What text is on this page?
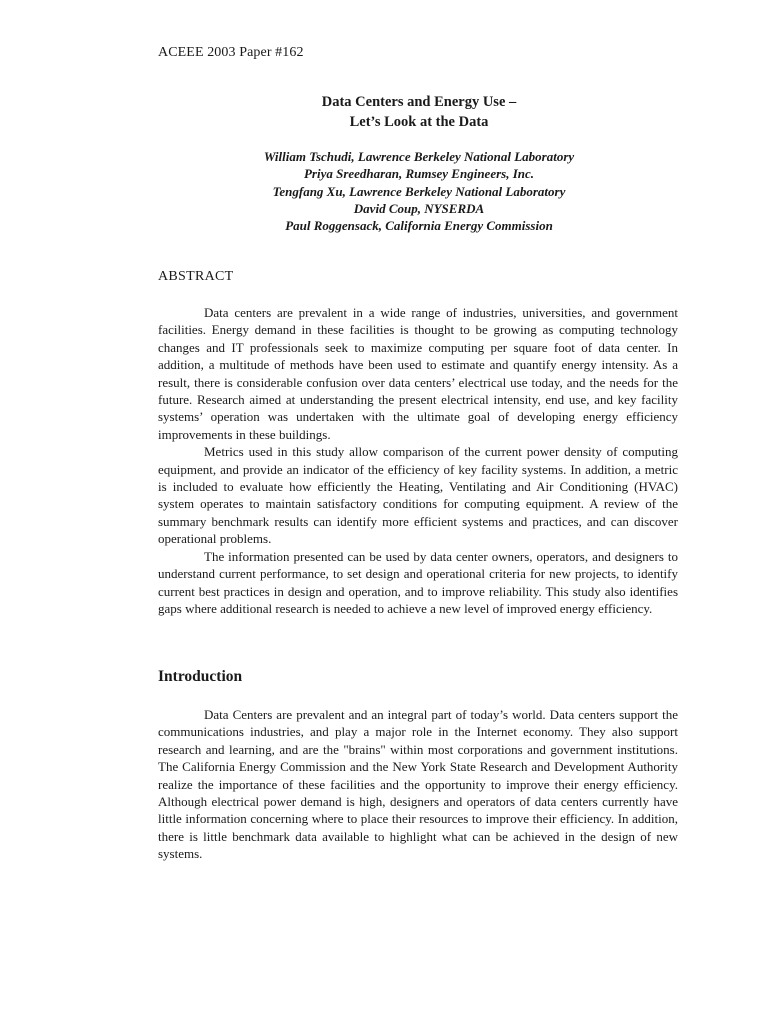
ACEEE 2003 Paper #162
Data Centers and Energy Use –
Let’s Look at the Data
William Tschudi, Lawrence Berkeley National Laboratory
Priya Sreedharan, Rumsey Engineers, Inc.
Tengfang Xu, Lawrence Berkeley National Laboratory
David Coup, NYSERDA
Paul Roggensack, California Energy Commission
ABSTRACT

Data centers are prevalent in a wide range of industries, universities, and government facilities. Energy demand in these facilities is thought to be growing as computing technology changes and IT professionals seek to maximize computing per square foot of data center. In addition, a multitude of methods have been used to estimate and quantify energy intensity. As a result, there is considerable confusion over data centers’ electrical use today, and the needs for the future. Research aimed at understanding the present electrical intensity, end use, and key facility systems’ operation was undertaken with the ultimate goal of developing energy efficiency improvements in these buildings.

Metrics used in this study allow comparison of the current power density of computing equipment, and provide an indicator of the efficiency of key facility systems. In addition, a metric is included to evaluate how efficiently the Heating, Ventilating and Air Conditioning (HVAC) system operates to maintain satisfactory conditions for computing equipment. A review of the summary benchmark results can identify more efficient systems and practices, and can discover operational problems.

The information presented can be used by data center owners, operators, and designers to understand current performance, to set design and operational criteria for new projects, to identify current best practices in design and operation, and to improve reliability. This study also identifies gaps where additional research is needed to achieve a new level of improved energy efficiency.

Introduction

Data Centers are prevalent and an integral part of today’s world. Data centers support the communications industries, and play a major role in the Internet economy. They also support research and learning, and are the "brains" within most corporations and government institutions. The California Energy Commission and the New York State Research and Development Authority realize the importance of these facilities and the opportunity to improve their energy efficiency. Although electrical power demand is high, designers and operators of data centers currently have little information concerning where to place their resources to improve their efficiency. In addition, there is little benchmark data available to highlight what can be achieved in the design of new systems.
